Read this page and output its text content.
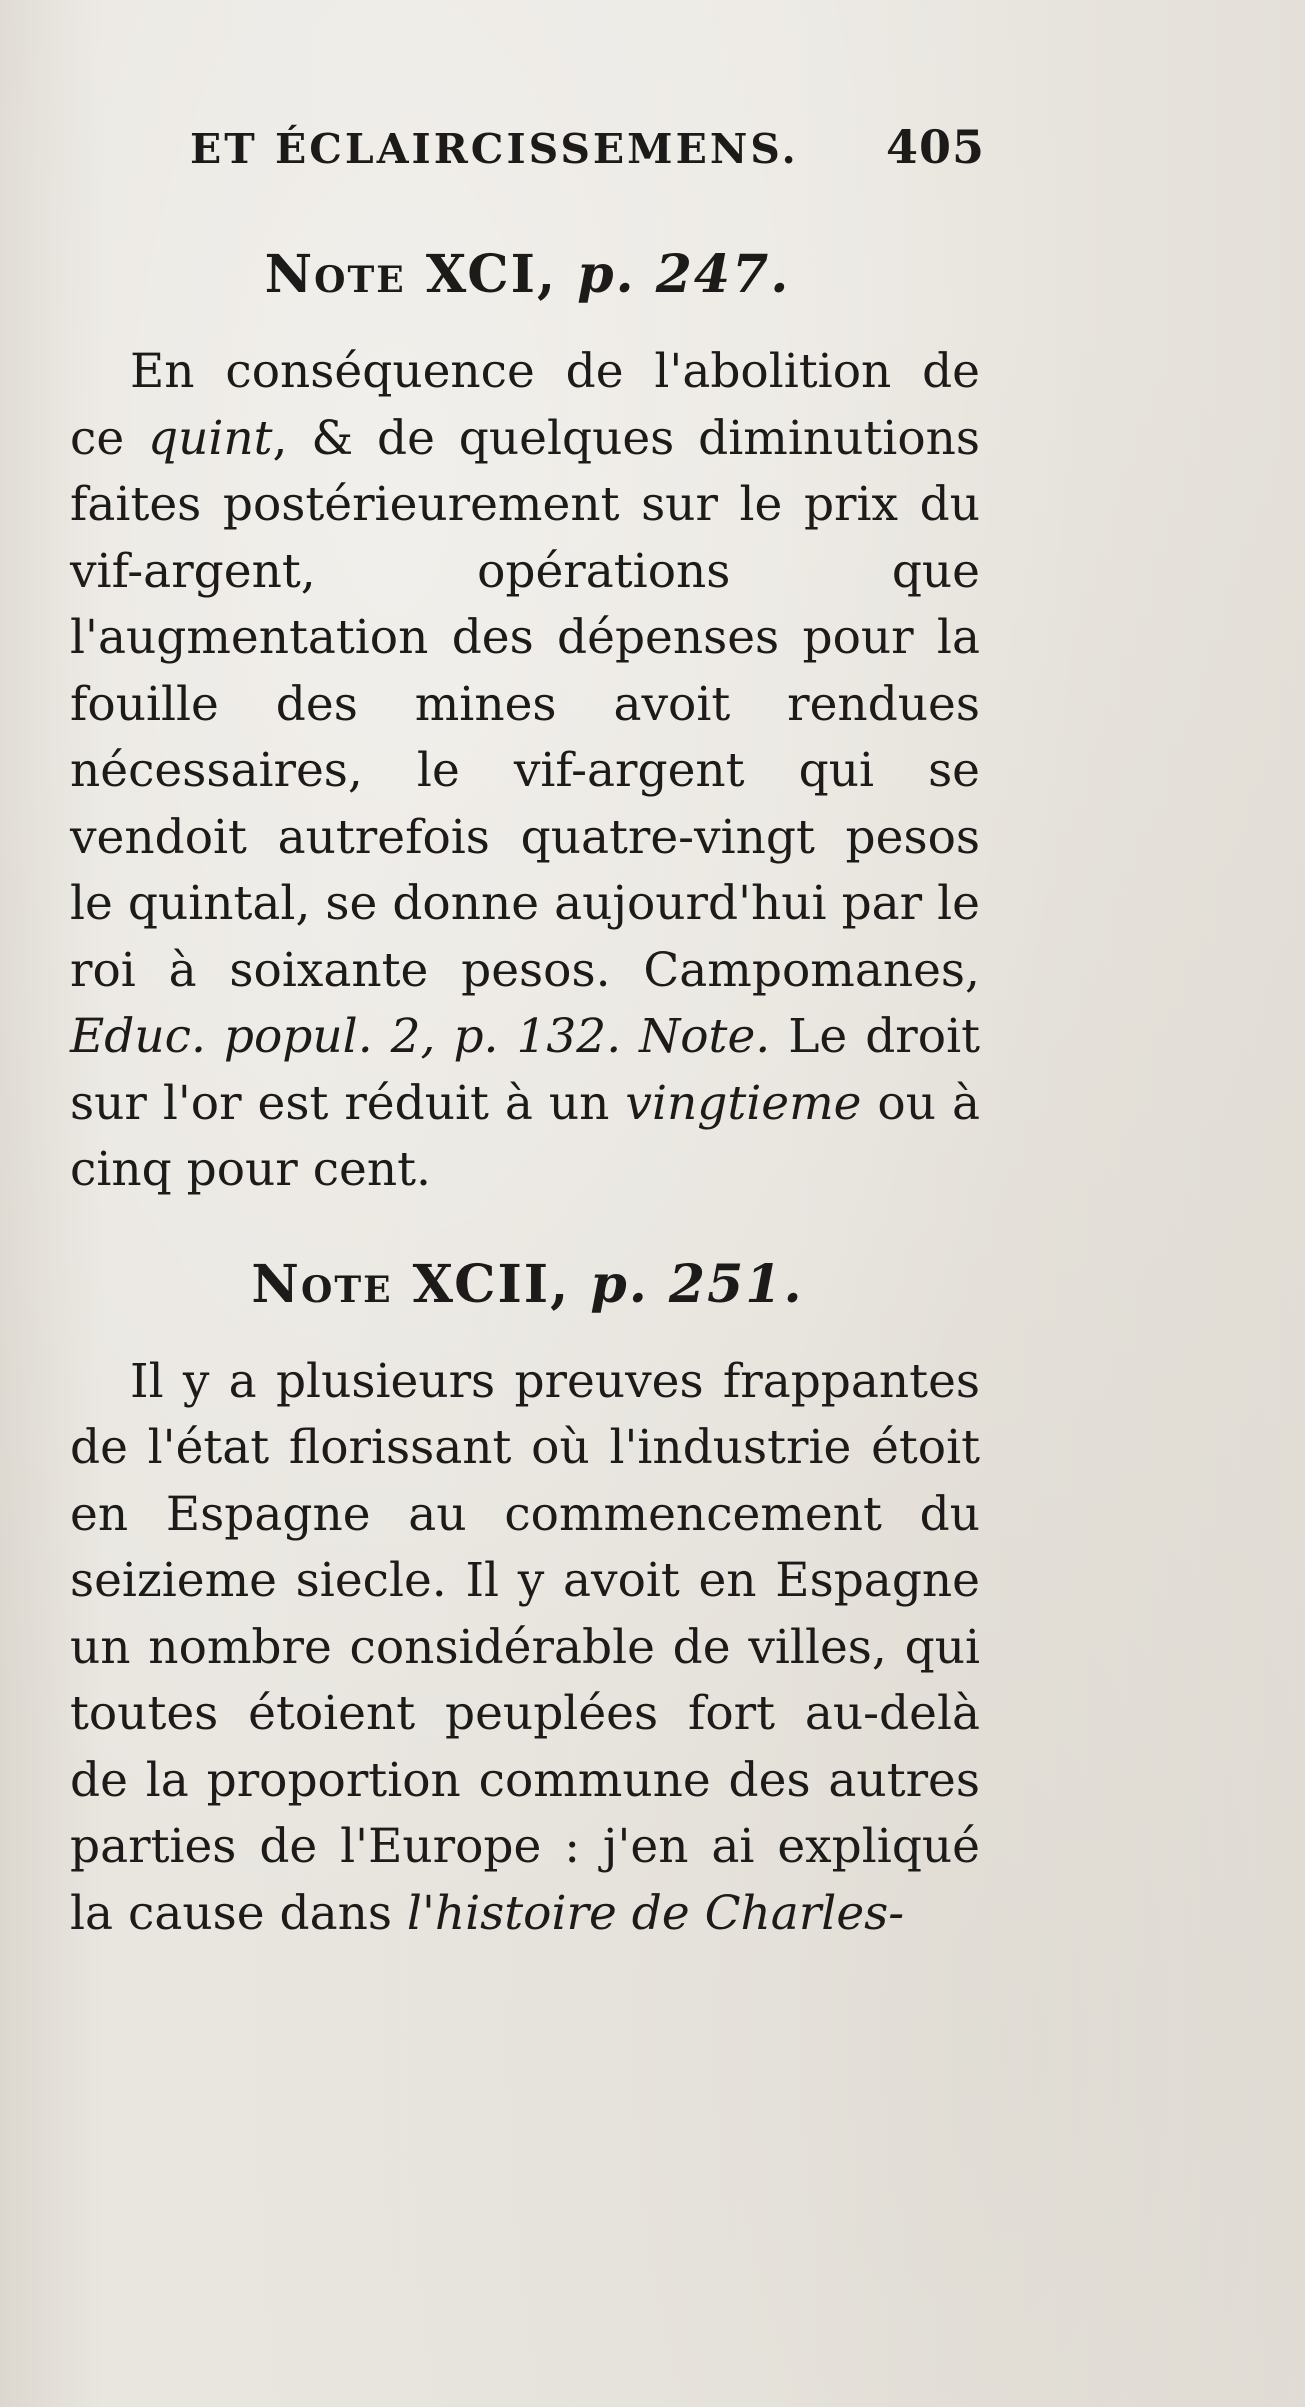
ET ÉCLAIRCISSEMENS. 405
Note XCI, p. 247.

En conséquence de l'abolition de ce quint, & de quelques diminutions faites postérieurement sur le prix du vif-argent, opérations que l'augmentation des dépenses pour la fouille des mines avoit rendues nécessaires, le vif-argent qui se vendoit autrefois quatre-vingt pesos le quintal, se donne aujourd'hui par le roi à soixante pesos. Campomanes, Educ. popul. 2, p. 132. Note. Le droit sur l'or est réduit à un vingtieme ou à cinq pour cent.

Note XCII, p. 251.

Il y a plusieurs preuves frappantes de l'état florissant où l'industrie étoit en Espagne au commencement du seizieme siecle. Il y avoit en Espagne un nombre considérable de villes, qui toutes étoient peuplées fort au-delà de la proportion commune des autres parties de l'Europe : j'en ai expliqué la cause dans l'histoire de Charles-
